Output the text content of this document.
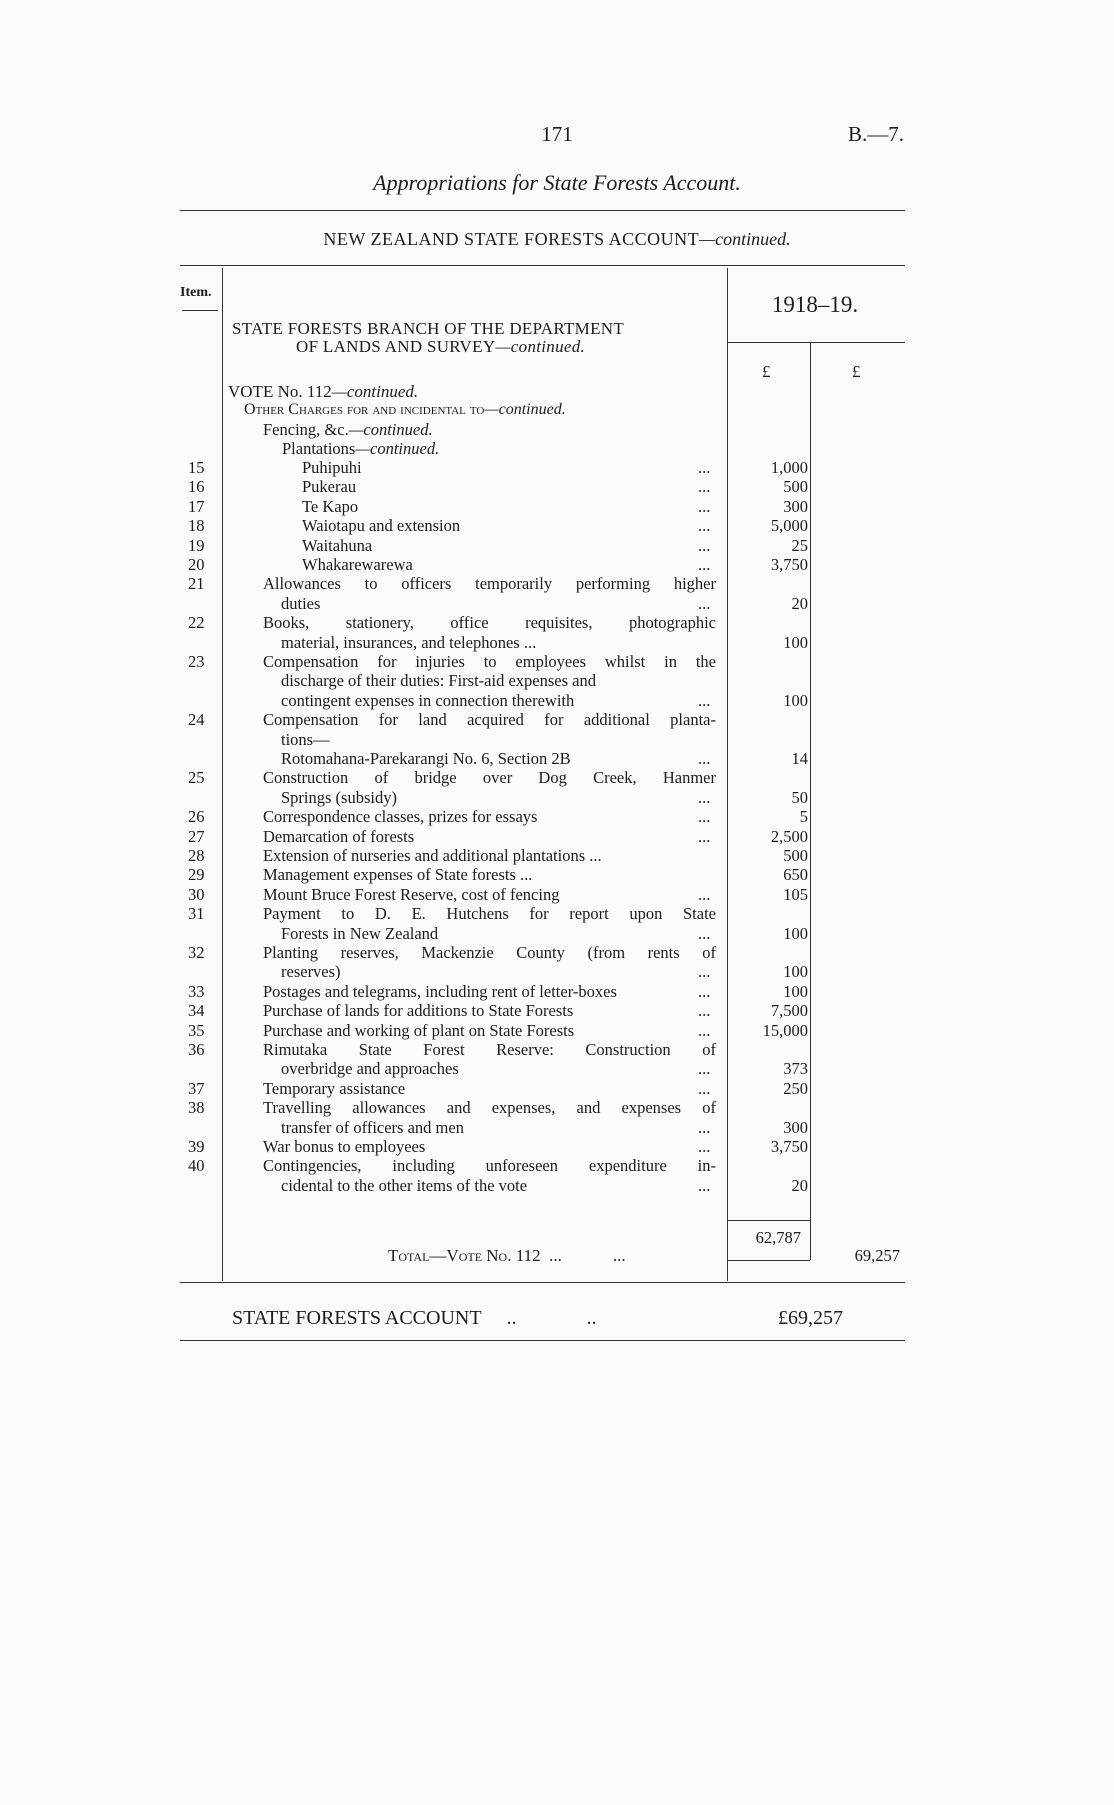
171	B.—7.
Appropriations for State Forests Account.
NEW ZEALAND STATE FORESTS ACCOUNT—continued.
Item.	1918–19.
£	£
STATE FORESTS BRANCH OF THE DEPARTMENT
OF LANDS AND SURVEY—continued.
VOTE No. 112—continued.
Other Charges for and incidental to—continued.
Fencing, &c.—continued.
Plantations—continued.
15	Puhipuhi	...	1,000
16	Pukerau	...	500
17	Te Kapo	...	300
18	Waiotapu and extension	...	5,000
19	Waitahuna	...	25
20	Whakarewarewa	...	3,750
21	Allowances to officers temporarily performing higher
duties	...	20
22	Books, stationery, office requisites, photographic
material, insurances, and telephones ...	100
23	Compensation for injuries to employees whilst in the
discharge of their duties: First-aid expenses and
contingent expenses in connection therewith	...	100
24	Compensation for land acquired for additional planta-
tions—
Rotomahana-Parekarangi No. 6, Section 2B	...	14
25	Construction of bridge over Dog Creek, Hanmer
Springs (subsidy)	...	50
26	Correspondence classes, prizes for essays	...	5
27	Demarcation of forests	...	2,500
28	Extension of nurseries and additional plantations ...	500
29	Management expenses of State forests ...	650
30	Mount Bruce Forest Reserve, cost of fencing	...	105
31	Payment to D. E. Hutchens for report upon State
Forests in New Zealand	...	100
32	Planting reserves, Mackenzie County (from rents of
reserves)	...	100
33	Postages and telegrams, including rent of letter-boxes	...	100
34	Purchase of lands for additions to State Forests	...	7,500
35	Purchase and working of plant on State Forests	...	15,000
36	Rimutaka State Forest Reserve: Construction of
overbridge and approaches	...	373
37	Temporary assistance	...	250
38	Travelling allowances and expenses, and expenses of
transfer of officers and men	...	300
39	War bonus to employees	...	3,750
40	Contingencies, including unforeseen expenditure in-
cidental to the other items of the vote	...	20
62,787
Total—Vote No. 112  ...            ...	69,257
STATE FORESTS ACCOUNT     ..              ..	£69,257
